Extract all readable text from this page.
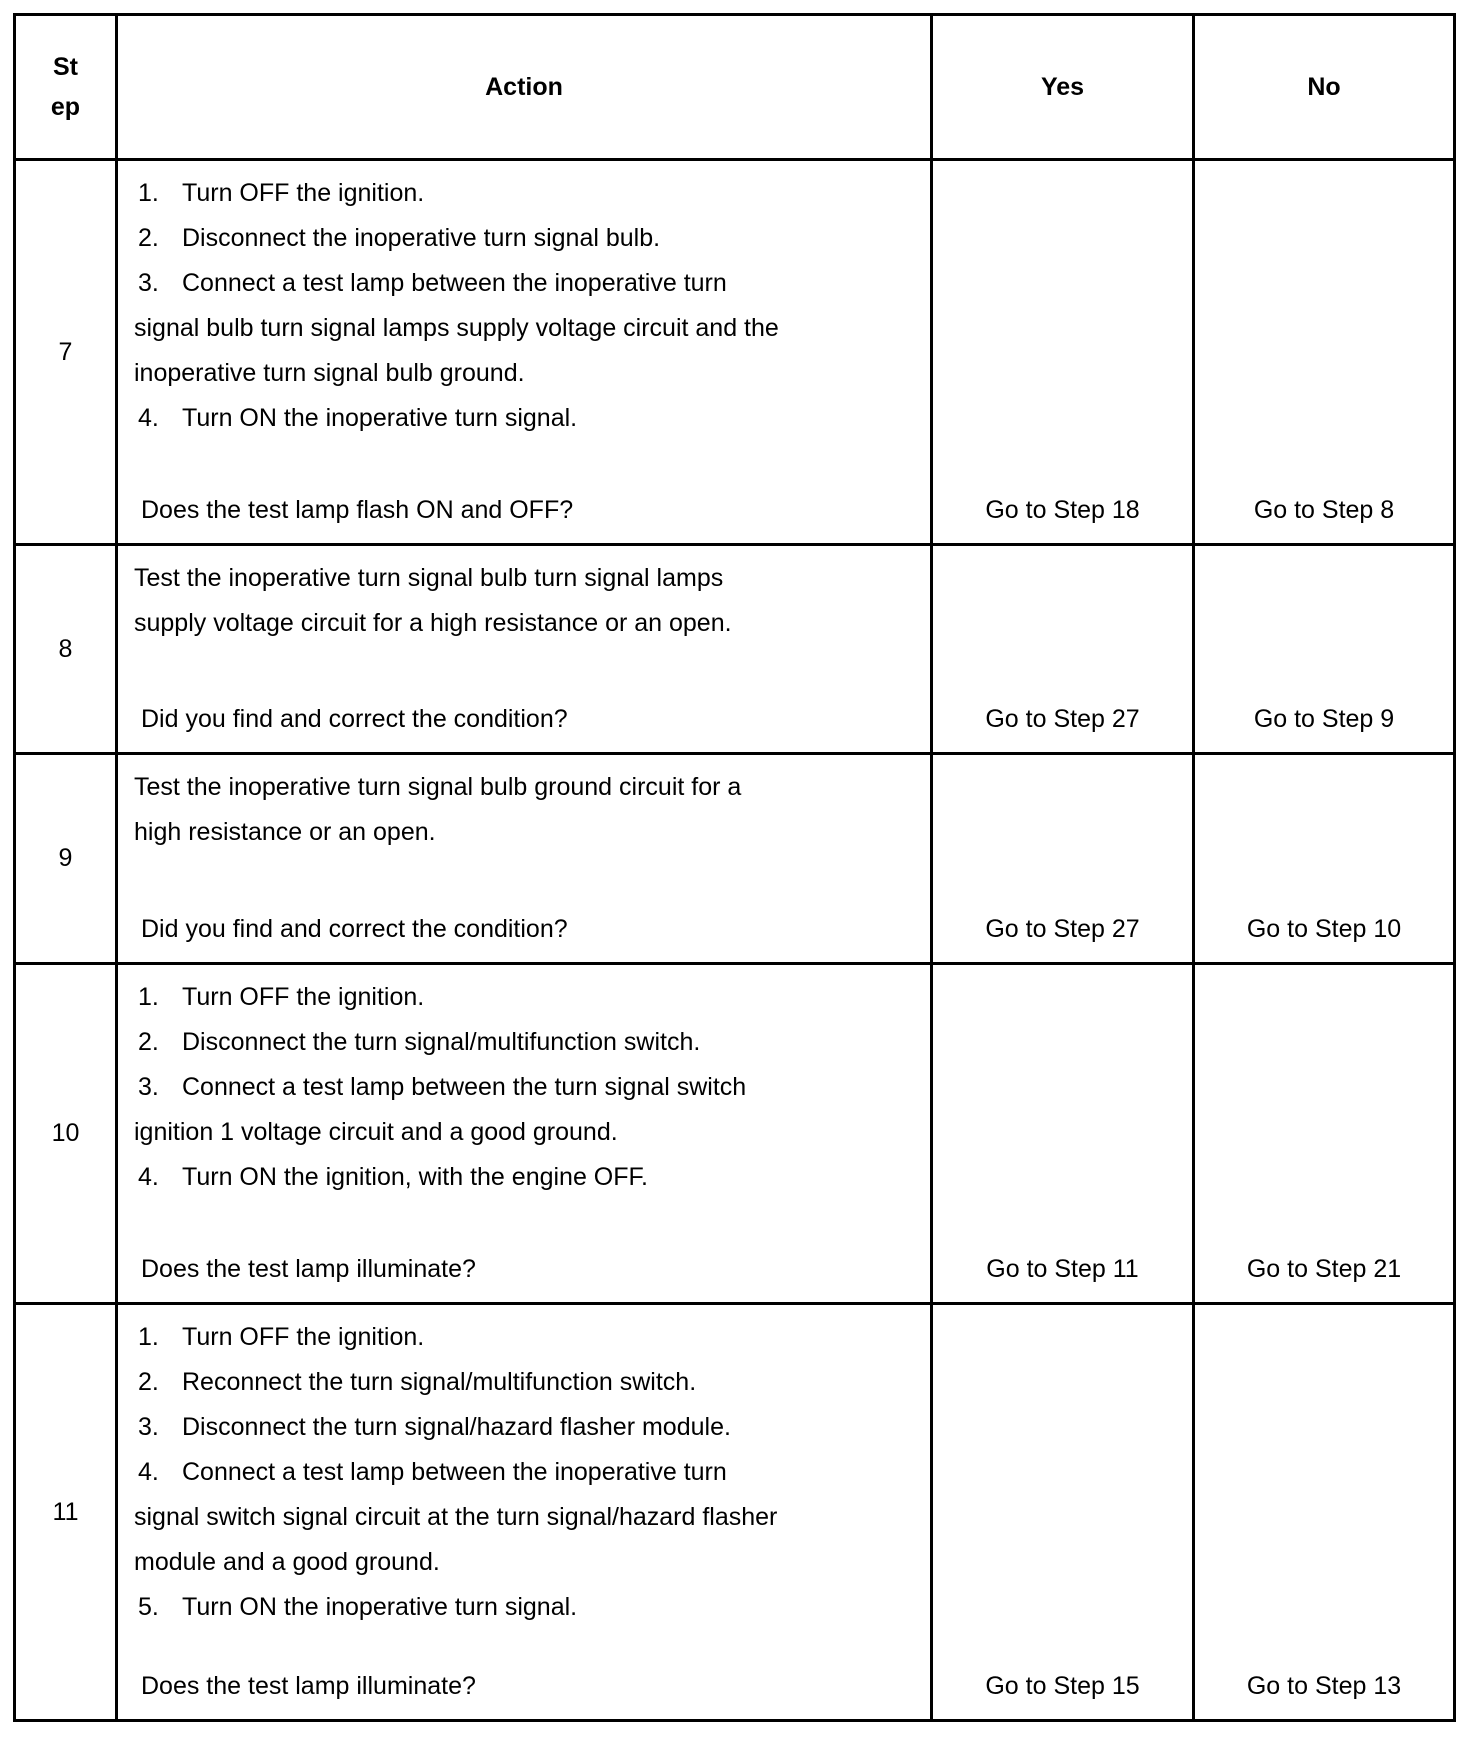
St
ep
Action	Yes	No
7
1. Turn OFF the ignition.
2. Disconnect the inoperative turn signal bulb.
3. Connect a test lamp between the inoperative turn
signal bulb turn signal lamps supply voltage circuit and the
inoperative turn signal bulb ground.
4. Turn ON the inoperative turn signal.
Does the test lamp flash ON and OFF?	Go to Step 18	Go to Step 8
8
Test the inoperative turn signal bulb turn signal lamps
supply voltage circuit for a high resistance or an open.
Did you find and correct the condition?	Go to Step 27	Go to Step 9
9
Test the inoperative turn signal bulb ground circuit for a
high resistance or an open.
Did you find and correct the condition?	Go to Step 27	Go to Step 10
10
1. Turn OFF the ignition.
2. Disconnect the turn signal/multifunction switch.
3. Connect a test lamp between the turn signal switch
ignition 1 voltage circuit and a good ground.
4. Turn ON the ignition, with the engine OFF.
Does the test lamp illuminate?	Go to Step 11	Go to Step 21
11
1. Turn OFF the ignition.
2. Reconnect the turn signal/multifunction switch.
3. Disconnect the turn signal/hazard flasher module.
4. Connect a test lamp between the inoperative turn
signal switch signal circuit at the turn signal/hazard flasher
module and a good ground.
5. Turn ON the inoperative turn signal.
Does the test lamp illuminate?	Go to Step 15	Go to Step 13
